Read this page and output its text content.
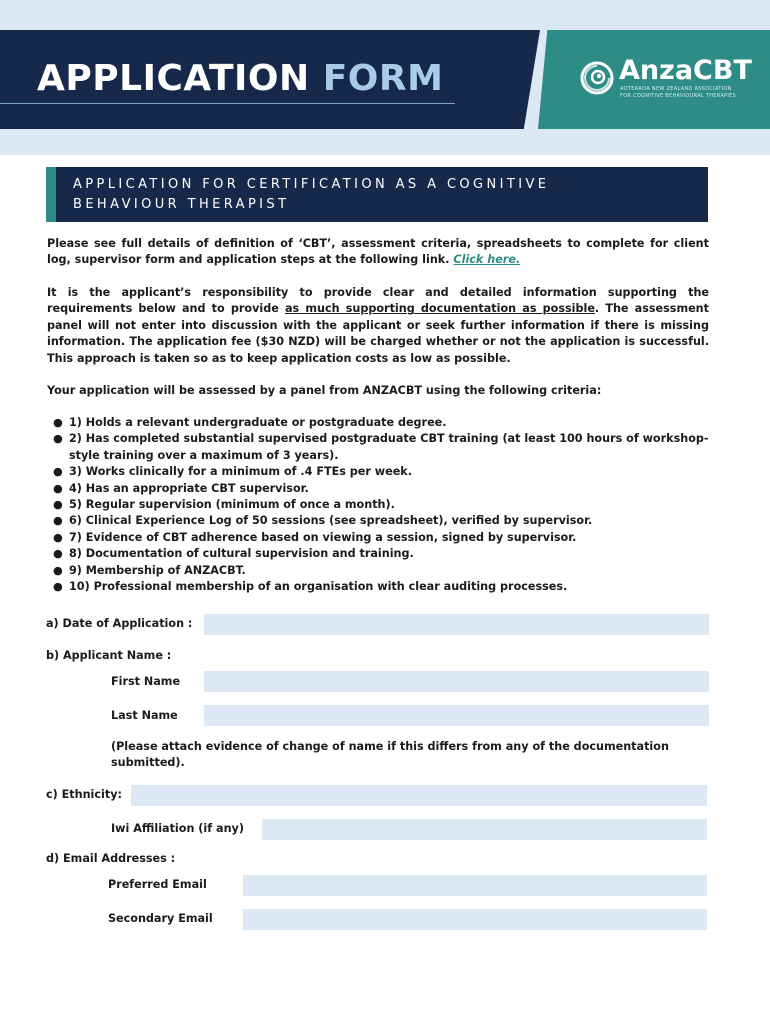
APPLICATION FORM	AnzaCBT
AOTEAROA NEW ZEALAND ASSOCIATION
FOR COGNITIVE BEHAVIOURAL THERAPIES
APPLICATION FOR CERTIFICATION AS A COGNITIVE
BEHAVIOUR THERAPIST

Please see full details of definition of ‘CBT’, assessment criteria, spreadsheets to complete for client log, supervisor form and application steps at the following link. Click here.

It is the applicant’s responsibility to provide clear and detailed information supporting the requirements below and to provide as much supporting documentation as possible. The assessment panel will not enter into discussion with the applicant or seek further information if there is missing information. The application fee ($30 NZD) will be charged whether or not the application is successful. This approach is taken so as to keep application costs as low as possible.

Your application will be assessed by a panel from ANZACBT using the following criteria:

● 1) Holds a relevant undergraduate or postgraduate degree.
● 2) Has completed substantial supervised postgraduate CBT training (at least 100 hours of workshop-style training over a maximum of 3 years).
● 3) Works clinically for a minimum of .4 FTEs per week.
● 4) Has an appropriate CBT supervisor.
● 5) Regular supervision (minimum of once a month).
● 6) Clinical Experience Log of 50 sessions (see spreadsheet), verified by supervisor.
● 7) Evidence of CBT adherence based on viewing a session, signed by supervisor.
● 8) Documentation of cultural supervision and training.
● 9) Membership of ANZACBT.
● 10) Professional membership of an organisation with clear auditing processes.
a) Date of Application :
b) Applicant Name :
First Name
Last Name

(Please attach evidence of change of name if this differs from any of the documentation submitted).

c) Ethnicity:
Iwi Affiliation (if any)
d) Email Addresses :
Preferred Email
Secondary Email
